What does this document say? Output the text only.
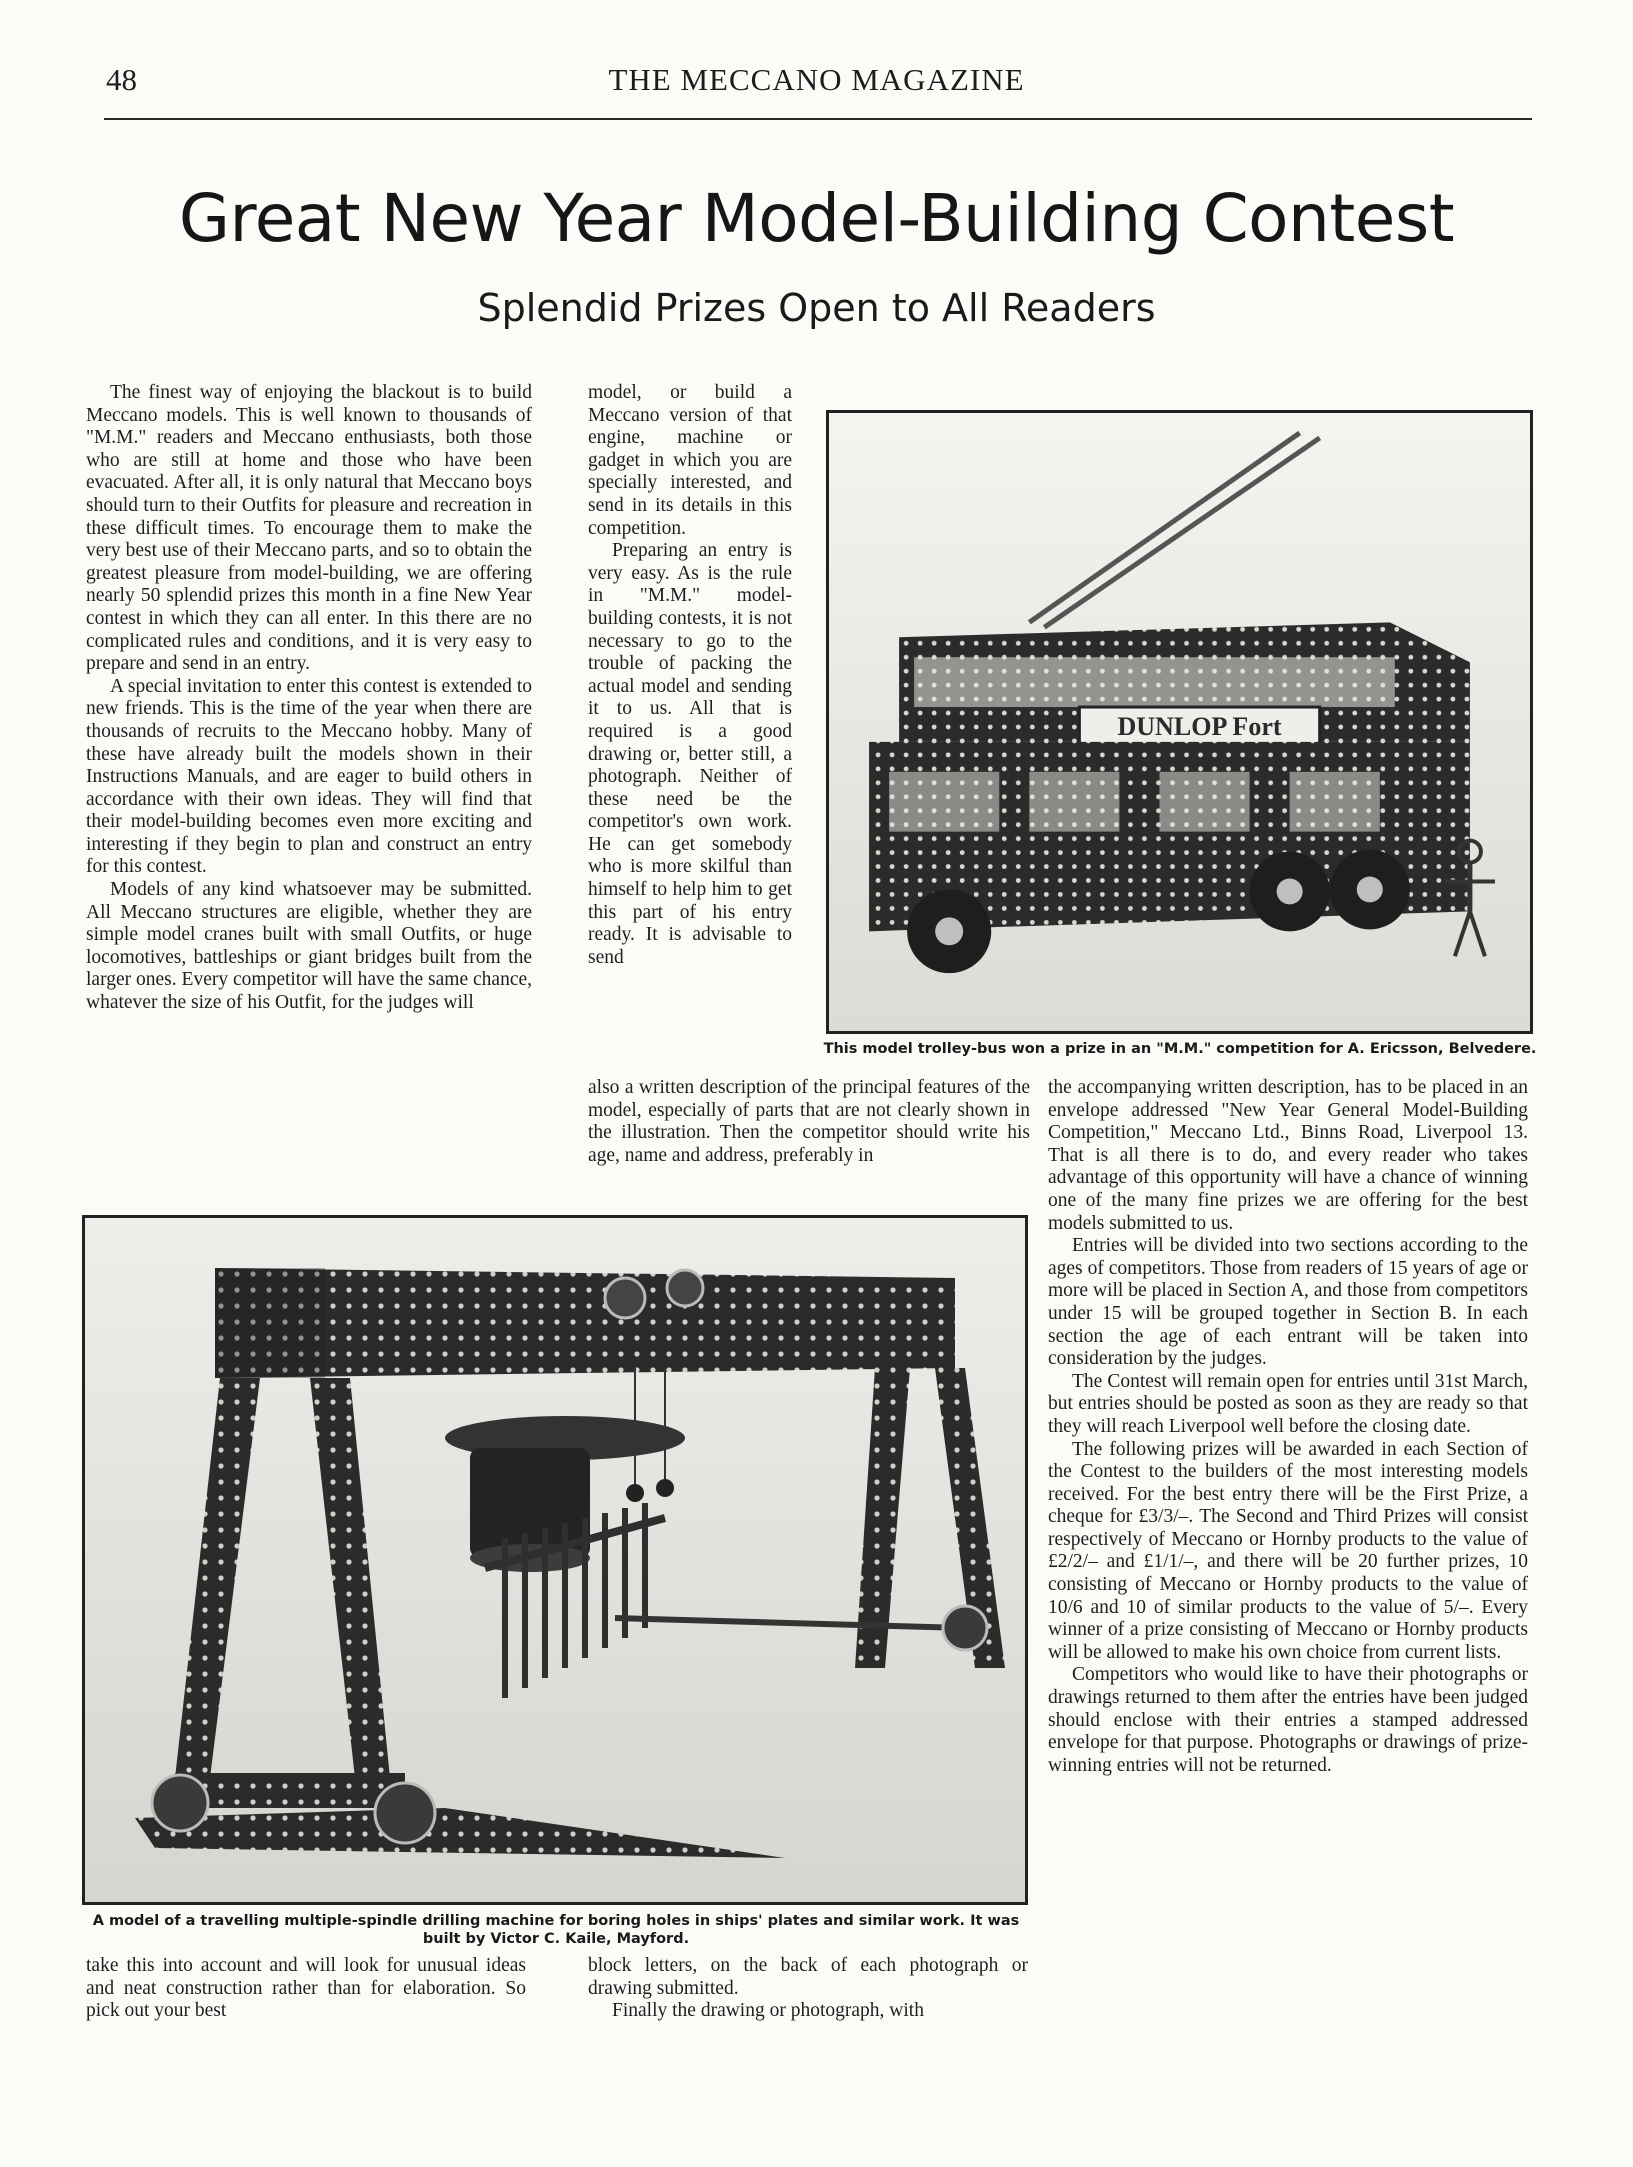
48	THE MECCANO MAGAZINE
Great New Year Model-Building Contest
Splendid Prizes Open to All Readers

The finest way of enjoying the blackout is to build Meccano models. This is well known to thousands of "M.M." readers and Meccano enthusiasts, both those who are still at home and those who have been evacuated. After all, it is only natural that Meccano boys should turn to their Outfits for pleasure and recreation in these difficult times. To encourage them to make the very best use of their Meccano parts, and so to obtain the greatest pleasure from model-building, we are offering nearly 50 splendid prizes this month in a fine New Year contest in which they can all enter. In this there are no complicated rules and conditions, and it is very easy to prepare and send in an entry.

A special invitation to enter this contest is extended to new friends. This is the time of the year when there are thousands of recruits to the Meccano hobby. Many of these have already built the models shown in their Instructions Manuals, and are eager to build others in accordance with their own ideas. They will find that their model-building becomes even more exciting and interesting if they begin to plan and construct an entry for this contest.

Models of any kind whatsoever may be submitted. All Meccano structures are eligible, whether they are simple model cranes built with small Outfits, or huge locomotives, battleships or giant bridges built from the larger ones. Every competitor will have the same chance, whatever the size of his Outfit, for the judges will

model, or build a Meccano version of that engine, machine or gadget in which you are specially interested, and send in its details in this competition.

Preparing an entry is very easy. As is the rule in "M.M." model-building contests, it is not necessary to go to the trouble of packing the actual model and sending it to us. All that is required is a good drawing or, better still, a photograph. Neither of these need be the competitor's own work. He can get somebody who is more skilful than himself to help him to get this part of his entry ready. It is advisable to send

also a written description of the principal features of the model, especially of parts that are not clearly shown in the illustration. Then the competitor should write his age, name and address, preferably in

the accompanying written description, has to be placed in an envelope addressed "New Year General Model-Building Competition," Meccano Ltd., Binns Road, Liverpool 13. That is all there is to do, and every reader who takes advantage of this opportunity will have a chance of winning one of the many fine prizes we are offering for the best models submitted to us.

Entries will be divided into two sections according to the ages of competitors. Those from readers of 15 years of age or more will be placed in Section A, and those from competitors under 15 will be grouped together in Section B. In each section the age of each entrant will be taken into consideration by the judges.

The Contest will remain open for entries until 31st March, but entries should be posted as soon as they are ready so that they will reach Liverpool well before the closing date.

The following prizes will be awarded in each Section of the Contest to the builders of the most interesting models received. For the best entry there will be the First Prize, a cheque for £3/3/–. The Second and Third Prizes will consist respectively of Meccano or Hornby products to the value of £2/2/– and £1/1/–, and there will be 20 further prizes, 10 consisting of Meccano or Hornby products to the value of 10/6 and 10 of similar products to the value of 5/–. Every winner of a prize consisting of Meccano or Hornby products will be allowed to make his own choice from current lists.

Competitors who would like to have their photographs or drawings returned to them after the entries have been judged should enclose with their entries a stamped addressed envelope for that purpose. Photographs or drawings of prize-winning entries will not be returned.

take this into account and will look for unusual ideas and neat construction rather than for elaboration. So pick out your best

block letters, on the back of each photograph or drawing submitted.

Finally the drawing or photograph, with

DUNLOP Fort
This model trolley-bus won a prize in an "M.M." competition for A. Ericsson, Belvedere.
A model of a travelling multiple-spindle drilling machine for boring holes in ships' plates and similar work. It was built by Victor C. Kaile, Mayford.
